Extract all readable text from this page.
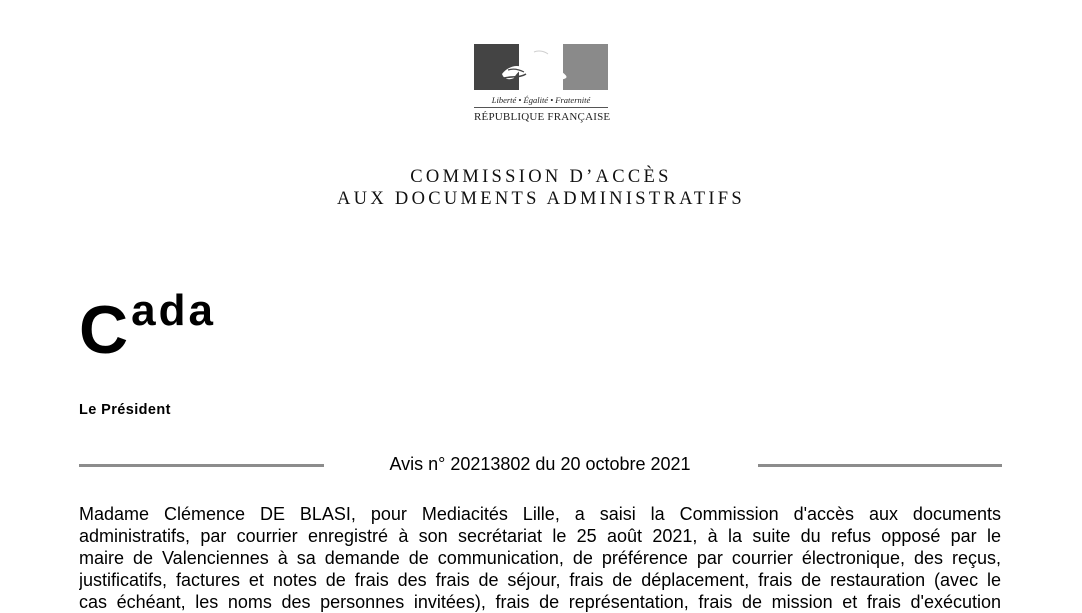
Liberté • Égalité • Fraternité
RÉPUBLIQUE FRANÇAISE
COMMISSION D’ACCÈS
AUX DOCUMENTS ADMINISTRATIFS
Cada
Le Président
Avis n° 20213802 du 20 octobre 2021
Madame Clémence DE BLASI, pour Mediacités Lille, a saisi la Commission d'accès aux documents
administratifs, par courrier enregistré à son secrétariat le 25 août 2021, à la suite du refus opposé par le
maire de Valenciennes à sa demande de communication, de préférence par courrier électronique, des reçus,
justificatifs, factures et notes de frais des frais de séjour, frais de déplacement, frais de restauration (avec le
cas échéant, les noms des personnes invitées), frais de représentation, frais de mission et frais d'exécution
